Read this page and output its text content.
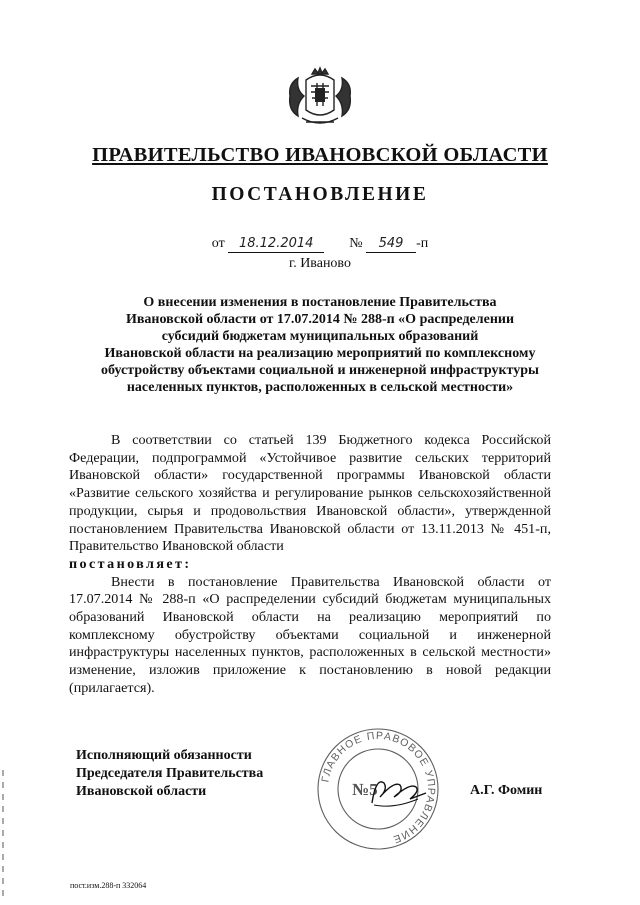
ПРАВИТЕЛЬСТВО ИВАНОВСКОЙ ОБЛАСТИ
ПОСТАНОВЛЕНИЕ
от 18.12.2014	№ 549 -п
г. Иваново
О внесении изменения в постановление Правительства
Ивановской области от 17.07.2014 № 288-п «О распределении
субсидий бюджетам муниципальных образований
Ивановской области на реализацию мероприятий по комплексному
обустройству объектами социальной и инженерной инфраструктуры
населенных пунктов, расположенных в сельской местности»

В соответствии со статьей 139 Бюджетного кодекса Российской Федерации, подпрограммой «Устойчивое развитие сельских территорий Ивановской области» государственной программы Ивановской области «Развитие сельского хозяйства и регулирование рынков сельскохозяйственной продукции, сырья и продовольствия Ивановской области», утвержденной постановлением Правительства Ивановской области от 13.11.2013 № 451-п, Правительство Ивановской области

постановляет:

Внести в постановление Правительства Ивановской области от 17.07.2014 № 288-п «О распределении субсидий бюджетам муниципальных образований Ивановской области на реализацию мероприятий по комплексному обустройству объектами социальной и инженерной инфраструктуры населенных пунктов, расположенных в сельской местности» изменение, изложив приложение к постановлению в новой редакции (прилагается).

Исполняющий обязанности
Председателя Правительства
Ивановской области
ГЛАВНОЕ ПРАВОВОЕ УПРАВЛЕНИЕ
№5	А.Г. Фомин
пост.изм.288-п 332064
